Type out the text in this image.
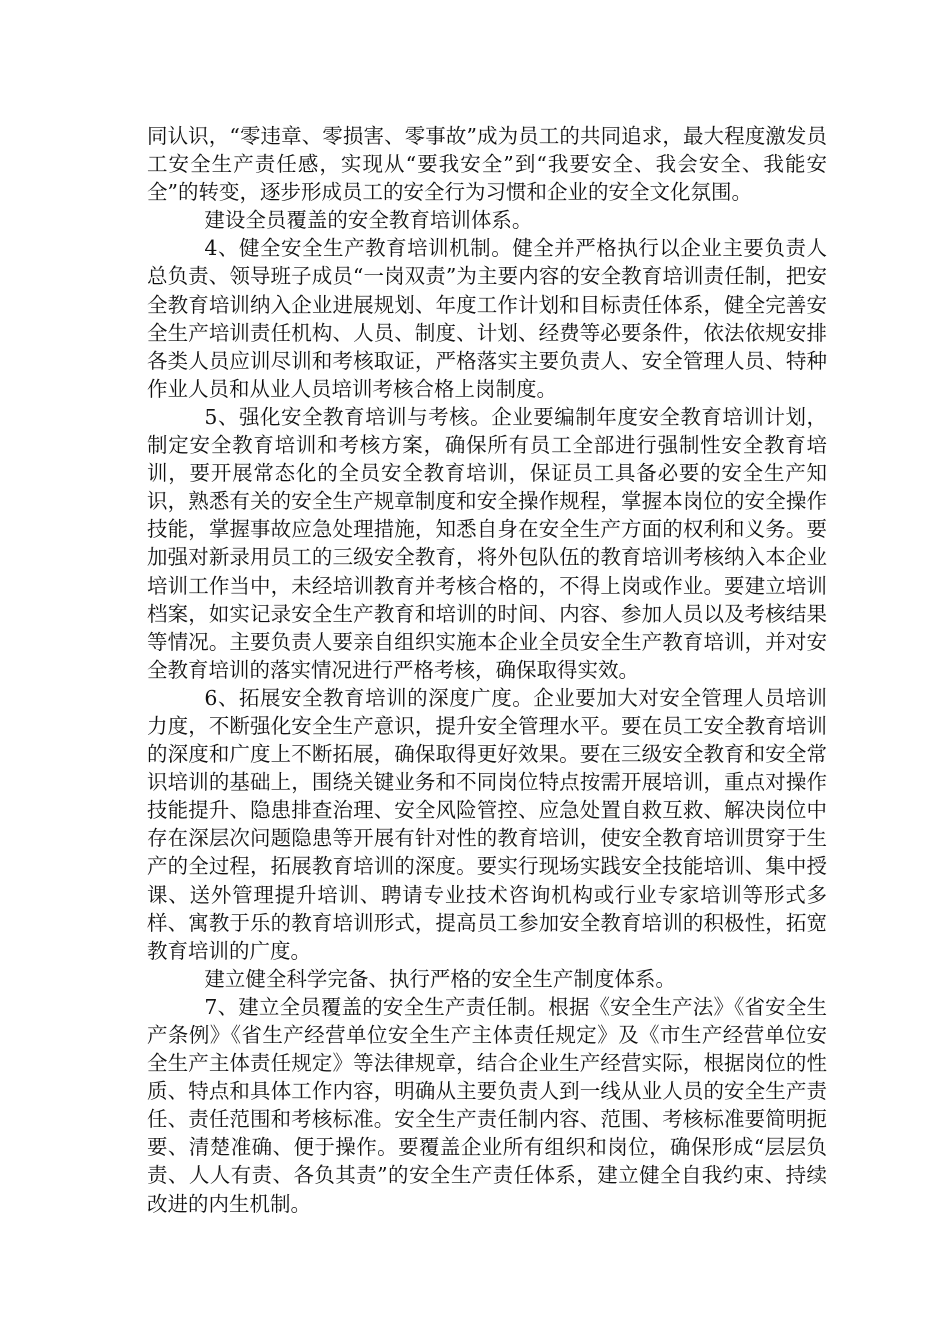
同认识，“零违章、零损害、零事故”成为员工的共同追求，最大程度激发员工安全生产责任感，实现从“要我安全”到“我要安全、我会安全、我能安全”的转变，逐步形成员工的安全行为习惯和企业的安全文化氛围。

建设全员覆盖的安全教育培训体系。

4、健全安全生产教育培训机制。健全并严格执行以企业主要负责人总负责、领导班子成员“一岗双责”为主要内容的安全教育培训责任制，把安全教育培训纳入企业进展规划、年度工作计划和目标责任体系，健全完善安全生产培训责任机构、人员、制度、计划、经费等必要条件，依法依规安排各类人员应训尽训和考核取证，严格落实主要负责人、安全管理人员、特种作业人员和从业人员培训考核合格上岗制度。

5、强化安全教育培训与考核。企业要编制年度安全教育培训计划，制定安全教育培训和考核方案，确保所有员工全部进行强制性安全教育培训，要开展常态化的全员安全教育培训，保证员工具备必要的安全生产知识，熟悉有关的安全生产规章制度和安全操作规程，掌握本岗位的安全操作技能，掌握事故应急处理措施，知悉自身在安全生产方面的权利和义务。要加强对新录用员工的三级安全教育，将外包队伍的教育培训考核纳入本企业培训工作当中，未经培训教育并考核合格的，不得上岗或作业。要建立培训档案，如实记录安全生产教育和培训的时间、内容、参加人员以及考核结果等情况。主要负责人要亲自组织实施本企业全员安全生产教育培训，并对安全教育培训的落实情况进行严格考核，确保取得实效。

6、拓展安全教育培训的深度广度。企业要加大对安全管理人员培训力度，不断强化安全生产意识，提升安全管理水平。要在员工安全教育培训的深度和广度上不断拓展，确保取得更好效果。要在三级安全教育和安全常识培训的基础上，围绕关键业务和不同岗位特点按需开展培训，重点对操作技能提升、隐患排查治理、安全风险管控、应急处置自救互救、解决岗位中存在深层次问题隐患等开展有针对性的教育培训，使安全教育培训贯穿于生产的全过程，拓展教育培训的深度。要实行现场实践安全技能培训、集中授课、送外管理提升培训、聘请专业技术咨询机构或行业专家培训等形式多样、寓教于乐的教育培训形式，提高员工参加安全教育培训的积极性，拓宽教育培训的广度。

建立健全科学完备、执行严格的安全生产制度体系。

7、建立全员覆盖的安全生产责任制。根据《安全生产法》《省安全生产条例》《省生产经营单位安全生产主体责任规定》及《市生产经营单位安全生产主体责任规定》等法律规章，结合企业生产经营实际，根据岗位的性质、特点和具体工作内容，明确从主要负责人到一线从业人员的安全生产责任、责任范围和考核标准。安全生产责任制内容、范围、考核标准要简明扼要、清楚准确、便于操作。要覆盖企业所有组织和岗位，确保形成“层层负责、人人有责、各负其责”的安全生产责任体系，建立健全自我约束、持续改进的内生机制。
